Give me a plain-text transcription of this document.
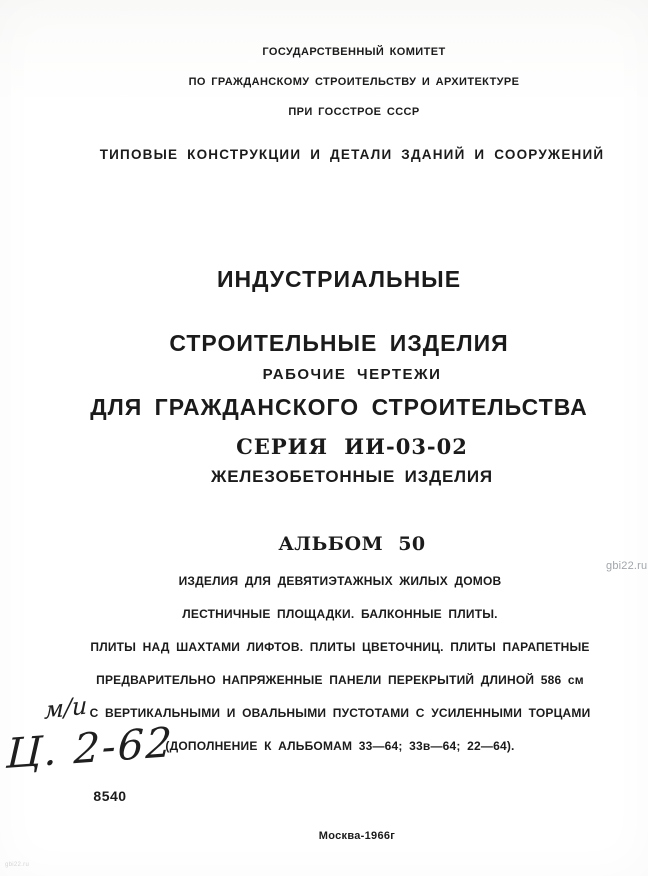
ГОСУДАРСТВЕННЫЙ КОМИТЕТ

ПО ГРАЖДАНСКОМУ СТРОИТЕЛЬСТВУ И АРХИТЕКТУРЕ

ПРИ ГОССТРОЕ СССР

ТИПОВЫЕ КОНСТРУКЦИИ И ДЕТАЛИ ЗДАНИЙ И СООРУЖЕНИЙ

ИНДУСТРИАЛЬНЫЕ

СТРОИТЕЛЬНЫЕ ИЗДЕЛИЯ

ДЛЯ ГРАЖДАНСКОГО СТРОИТЕЛЬСТВА

РАБОЧИЕ ЧЕРТЕЖИ
СЕРИЯ ИИ-03-02
ЖЕЛЕЗОБЕТОННЫЕ ИЗДЕЛИЯ
АЛЬБОМ 50

ИЗДЕЛИЯ ДЛЯ ДЕВЯТИЭТАЖНЫХ ЖИЛЫХ ДОМОВ

ЛЕСТНИЧНЫЕ ПЛОЩАДКИ. БАЛКОННЫЕ ПЛИТЫ.

ПЛИТЫ НАД ШАХТАМИ ЛИФТОВ. ПЛИТЫ ЦВЕТОЧНИЦ. ПЛИТЫ ПАРАПЕТНЫЕ

ПРЕДВАРИТЕЛЬНО НАПРЯЖЕННЫЕ ПАНЕЛИ ПЕРЕКРЫТИЙ ДЛИНОЙ 586 см

С ВЕРТИКАЛЬНЫМИ И ОВАЛЬНЫМИ ПУСТОТАМИ С УСИЛЕННЫМИ ТОРЦАМИ

(ДОПОЛНЕНИЕ К АЛЬБОМАМ 33—64; 33в—64; 22—64).

gbi22.ru
м/и
Ц. 2-62
8540
Москва-1966г
gbi22.ru
